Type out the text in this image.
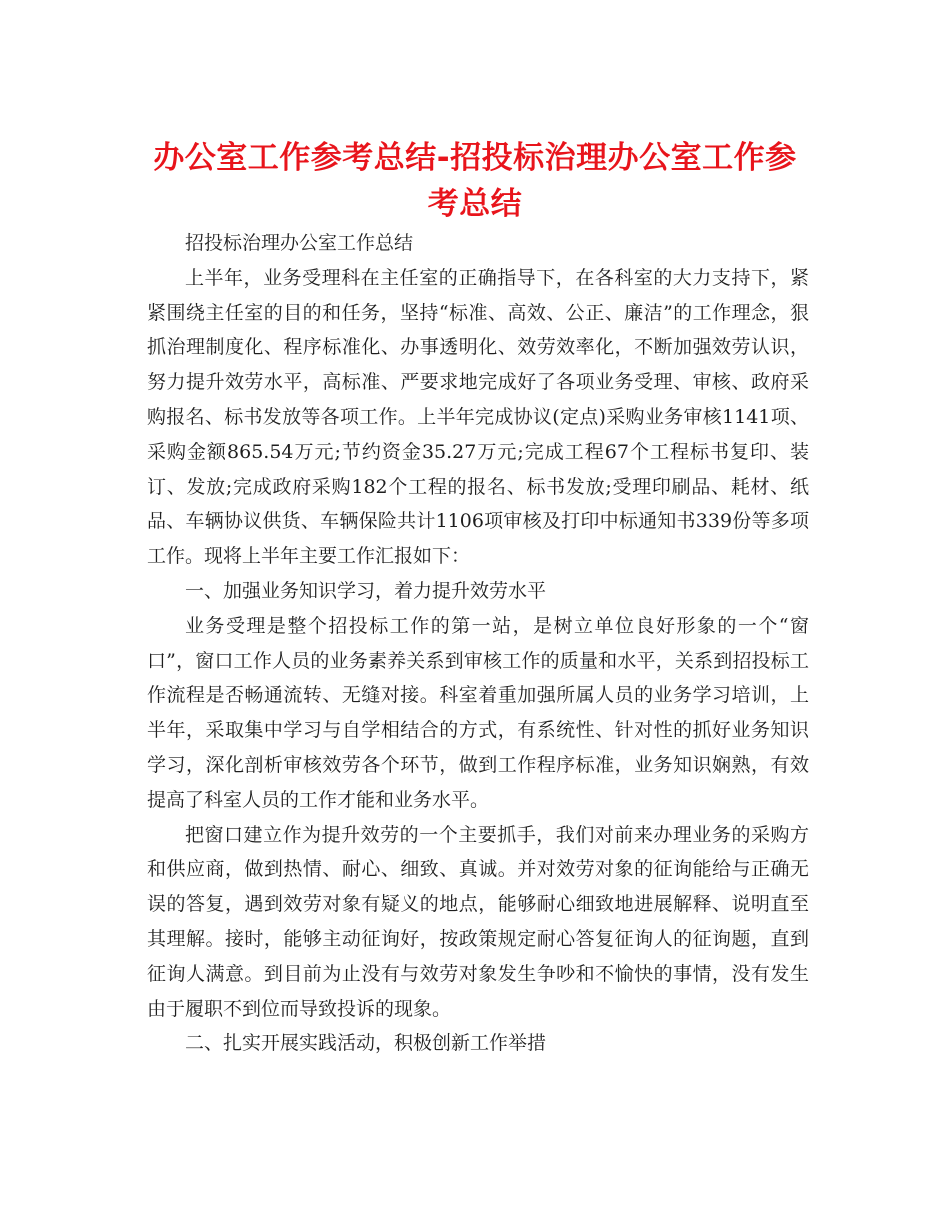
办公室工作参考总结-招投标治理办公室工作参考总结

招投标治理办公室工作总结

上半年，业务受理科在主任室的正确指导下，在各科室的大力支持下，紧紧围绕主任室的目的和任务，坚持“标准、高效、公正、廉洁”的工作理念，狠抓治理制度化、程序标准化、办事透明化、效劳效率化，不断加强效劳认识，努力提升效劳水平，高标准、严要求地完成好了各项业务受理、审核、政府采购报名、标书发放等各项工作。上半年完成协议(定点)采购业务审核1141项、采购金额865.54万元;节约资金35.27万元;完成工程67个工程标书复印、装订、发放;完成政府采购182个工程的报名、标书发放;受理印刷品、耗材、纸品、车辆协议供货、车辆保险共计1106项审核及打印中标通知书339份等多项工作。现将上半年主要工作汇报如下：

一、加强业务知识学习，着力提升效劳水平

业务受理是整个招投标工作的第一站，是树立单位良好形象的一个“窗口”，窗口工作人员的业务素养关系到审核工作的质量和水平，关系到招投标工作流程是否畅通流转、无缝对接。科室着重加强所属人员的业务学习培训，上半年，采取集中学习与自学相结合的方式，有系统性、针对性的抓好业务知识学习，深化剖析审核效劳各个环节，做到工作程序标准，业务知识娴熟，有效提高了科室人员的工作才能和业务水平。

把窗口建立作为提升效劳的一个主要抓手，我们对前来办理业务的采购方和供应商，做到热情、耐心、细致、真诚。并对效劳对象的征询能给与正确无误的答复，遇到效劳对象有疑义的地点，能够耐心细致地进展解释、说明直至其理解。接时，能够主动征询好，按政策规定耐心答复征询人的征询题，直到征询人满意。到目前为止没有与效劳对象发生争吵和不愉快的事情，没有发生由于履职不到位而导致投诉的现象。

二、扎实开展实践活动，积极创新工作举措
